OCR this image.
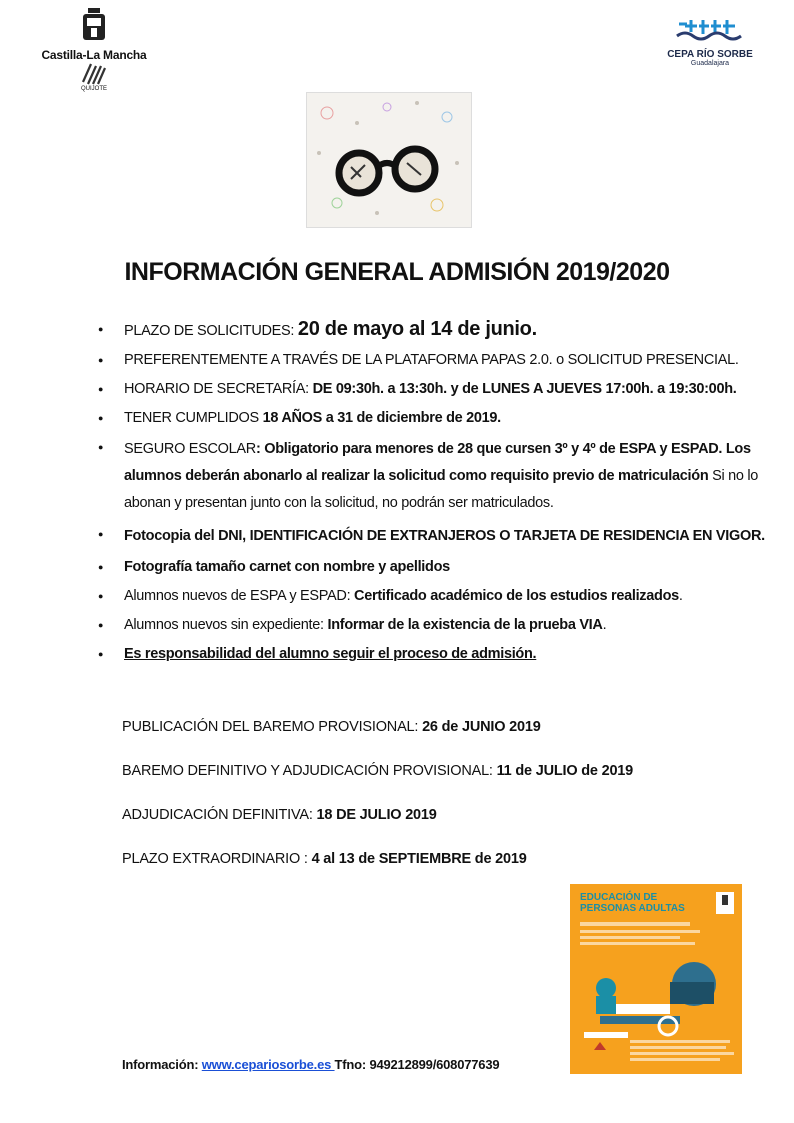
Castilla-La Mancha
QUIJOTE
CEPA RÍO SORBE
Guadalajara
INFORMACIÓN GENERAL ADMISIÓN 2019/2020
● PLAZO DE SOLICITUDES: 20 de mayo al 14 de junio.
● PREFERENTEMENTE A TRAVÉS DE LA PLATAFORMA PAPAS 2.0. o SOLICITUD PRESENCIAL.
● HORARIO DE SECRETARÍA: DE 09:30h. a 13:30h. y de LUNES A JUEVES 17:00h. a 19:30:00h.
● TENER CUMPLIDOS 18 AÑOS a 31 de diciembre de 2019.
● SEGURO ESCOLAR: Obligatorio para menores de 28 que cursen 3º y 4º de ESPA y ESPAD. Los alumnos deberán abonarlo al realizar la solicitud como requisito previo de matriculación Si no lo abonan y presentan junto con la solicitud, no podrán ser matriculados.
● Fotocopia del DNI, IDENTIFICACIÓN DE EXTRANJEROS O TARJETA DE RESIDENCIA EN VIGOR.
● Fotografía tamaño carnet con nombre y apellidos
● Alumnos nuevos de ESPA y ESPAD: Certificado académico de los estudios realizados.
● Alumnos nuevos sin expediente: Informar de la existencia de la prueba VIA.
● Es responsabilidad del alumno seguir el proceso de admisión.
PUBLICACIÓN DEL BAREMO PROVISIONAL: 26 de JUNIO 2019
BAREMO DEFINITIVO Y ADJUDICACIÓN PROVISIONAL: 11 de JULIO de 2019
ADJUDICACIÓN DEFINITIVA: 18 DE JULIO 2019
PLAZO EXTRAORDINARIO : 4 al 13 de SEPTIEMBRE de 2019
EDUCACIÓN DE PERSONAS ADULTAS
Información: www.cepariosorbe.es Tfno: 949212899/608077639
